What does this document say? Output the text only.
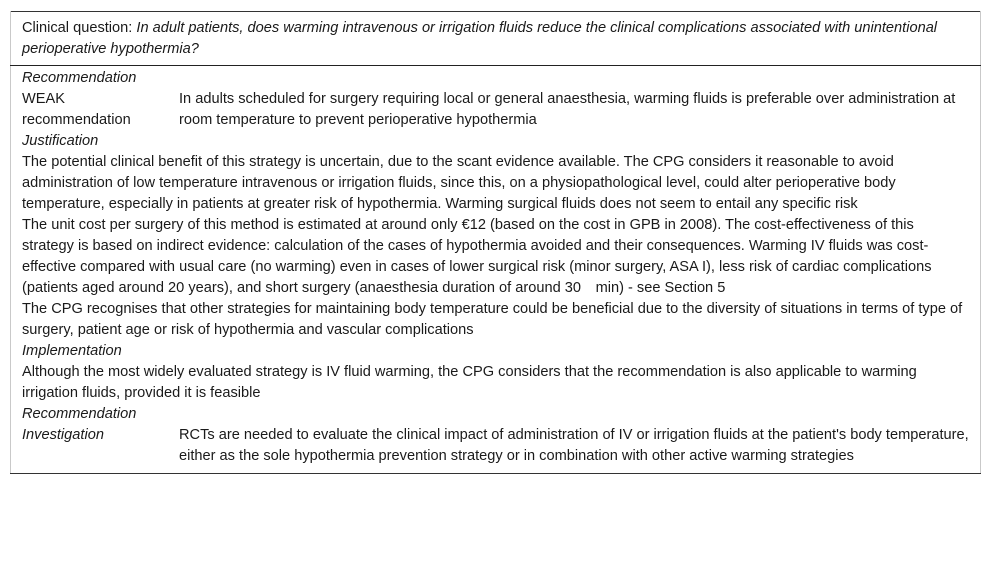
Clinical question: In adult patients, does warming intravenous or irrigation fluids reduce the clinical complications associated with unintentional perioperative hypothermia?	
Recommendation	
WEAK recommendation	In adults scheduled for surgery requiring local or general anaesthesia, warming fluids is preferable over administration at room temperature to prevent perioperative hypothermia
Justification	
The potential clinical benefit of this strategy is uncertain, due to the scant evidence available. The CPG considers it reasonable to avoid administration of low temperature intravenous or irrigation fluids, since this, on a physiopathological level, could alter perioperative body temperature, especially in patients at greater risk of hypothermia. Warming surgical fluids does not seem to entail any specific risk	
The unit cost per surgery of this method is estimated at around only €12 (based on the cost in GPB in 2008). The cost-effectiveness of this strategy is based on indirect evidence: calculation of the cases of hypothermia avoided and their consequences. Warming IV fluids was cost-effective compared with usual care (no warming) even in cases of lower surgical risk (minor surgery, ASA I), less risk of cardiac complications (patients aged around 20 years), and short surgery (anaesthesia duration of around 30 min) - see Section 5	
The CPG recognises that other strategies for maintaining body temperature could be beneficial due to the diversity of situations in terms of type of surgery, patient age or risk of hypothermia and vascular complications	
Implementation	
Although the most widely evaluated strategy is IV fluid warming, the CPG considers that the recommendation is also applicable to warming irrigation fluids, provided it is feasible	
Recommendation	
Investigation	RCTs are needed to evaluate the clinical impact of administration of IV or irrigation fluids at the patient's body temperature, either as the sole hypothermia prevention strategy or in combination with other active warming strategies
